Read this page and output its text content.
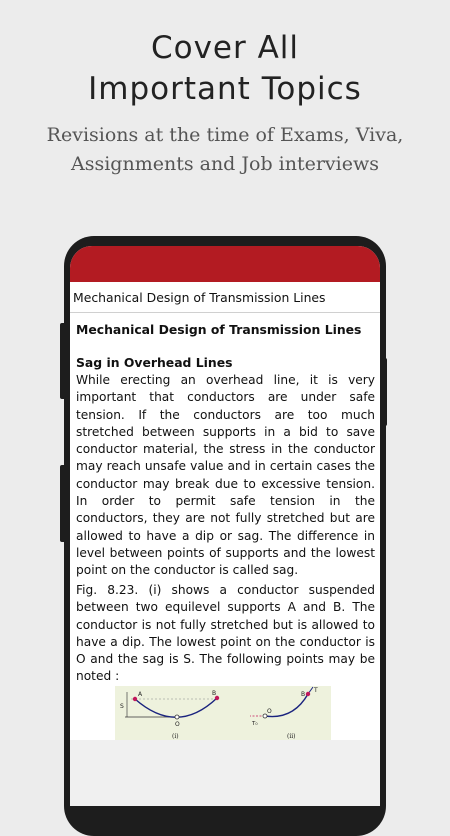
Cover All
Important Topics
Revisions at the time of Exams, Viva,
Assignments and Job interviews
Mechanical Design of Transmission Lines
Mechanical Design of Transmission Lines
Sag in Overhead Lines

While erecting an overhead line, it is very important that conductors are under safe tension. If the conductors are too much stretched between supports in a bid to save conductor material, the stress in the conductor may reach unsafe value and in certain cases the conductor may break due to excessive tension. In order to permit safe tension in the conductors, they are not fully stretched but are allowed to have a dip or sag. The difference in level between points of supports and the lowest point on the conductor is called sag.

Fig. 8.23. (i) shows a conductor suspended between two equilevel supports A and B. The conductor is not fully stretched but is allowed to have a dip. The lowest point on the conductor is O and the sag is S. The following points may be noted :

A	B
O
S
(i)
B
O
T
T₀
(ii)
